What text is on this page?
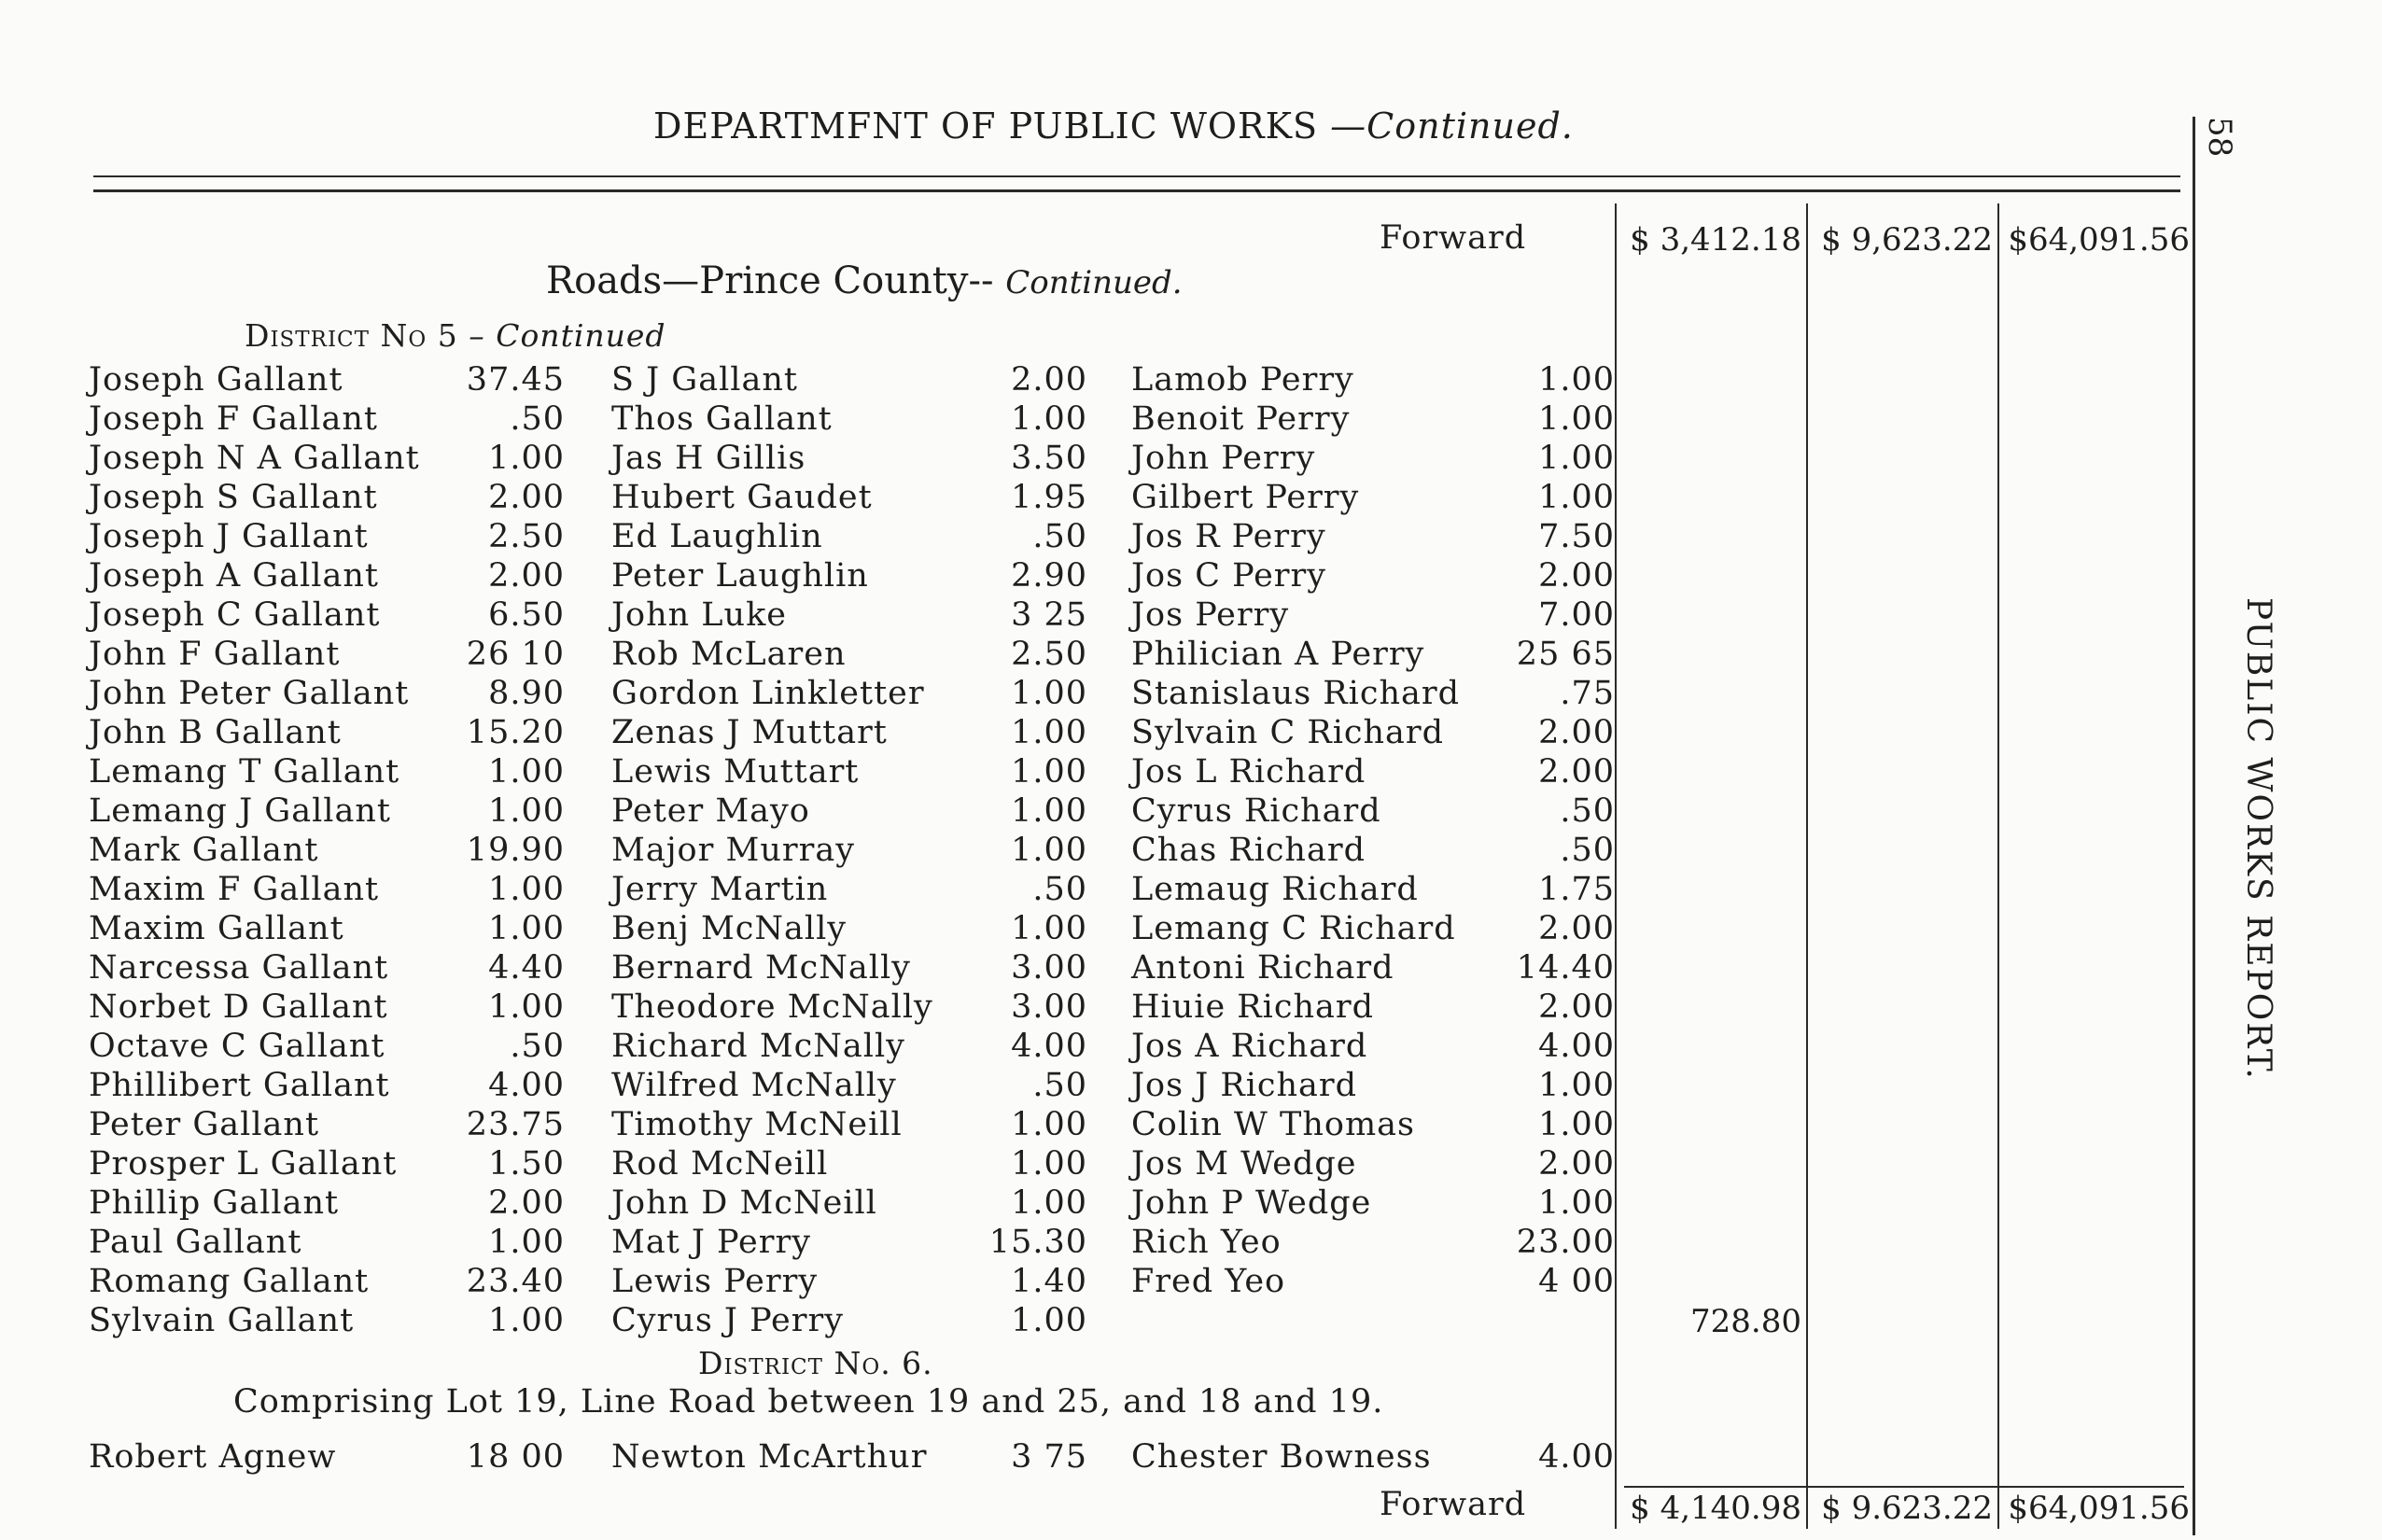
DEPARTMFNT OF PUBLIC WORKS —Continued.	58
PUBLIC WORKS REPORT.
Forward	$ 3,412.18 $ 9,623.22 $64,091.56
Roads—Prince County-- Continued.
District No 5 – Continued
Joseph Gallant	37.45 S J Gallant	2.00 Lamob Perry	1.00
Joseph F Gallant	.50 Thos Gallant	1.00 Benoit Perry	1.00
Joseph N A Gallant	1.00 Jas H Gillis	3.50 John Perry	1.00
Joseph S Gallant	2.00 Hubert Gaudet	1.95 Gilbert Perry	1.00
Joseph J Gallant	2.50 Ed Laughlin	.50 Jos R Perry	7.50
Joseph A Gallant	2.00 Peter Laughlin	2.90 Jos C Perry	2.00
Joseph C Gallant	6.50 John Luke	3 25 Jos Perry	7.00
John F Gallant	26 10 Rob McLaren	2.50 Philician A Perry	25 65
John Peter Gallant	8.90 Gordon Linkletter	1.00 Stanislaus Richard	.75
John B Gallant	15.20 Zenas J Muttart	1.00 Sylvain C Richard	2.00
Lemang T Gallant	1.00 Lewis Muttart	1.00 Jos L Richard	2.00
Lemang J Gallant	1.00 Peter Mayo	1.00 Cyrus Richard	.50
Mark Gallant	19.90 Major Murray	1.00 Chas Richard	.50
Maxim F Gallant	1.00 Jerry Martin	.50 Lemaug Richard	1.75
Maxim Gallant	1.00 Benj McNally	1.00 Lemang C Richard	2.00
Narcessa Gallant	4.40 Bernard McNally	3.00 Antoni Richard	14.40
Norbet D Gallant	1.00 Theodore McNally	3.00 Hiuie Richard	2.00
Octave C Gallant	.50 Richard McNally	4.00 Jos A Richard	4.00
Phillibert Gallant	4.00 Wilfred McNally	.50 Jos J Richard	1.00
Peter Gallant	23.75 Timothy McNeill	1.00 Colin W Thomas	1.00
Prosper L Gallant	1.50 Rod McNeill	1.00 Jos M Wedge	2.00
Phillip Gallant	2.00 John D McNeill	1.00 John P Wedge	1.00
Paul Gallant	1.00 Mat J Perry	15.30 Rich Yeo	23.00
Romang Gallant	23.40 Lewis Perry	1.40 Fred Yeo	4 00
Sylvain Gallant	1.00 Cyrus J Perry	1.00	728.80
District No. 6.
Comprising Lot 19, Line Road between 19 and 25, and 18 and 19.
Robert Agnew	18 00 Newton McArthur	3 75 Chester Bowness	4.00
Forward	$ 4,140.98 $ 9.623.22 $64,091.56
